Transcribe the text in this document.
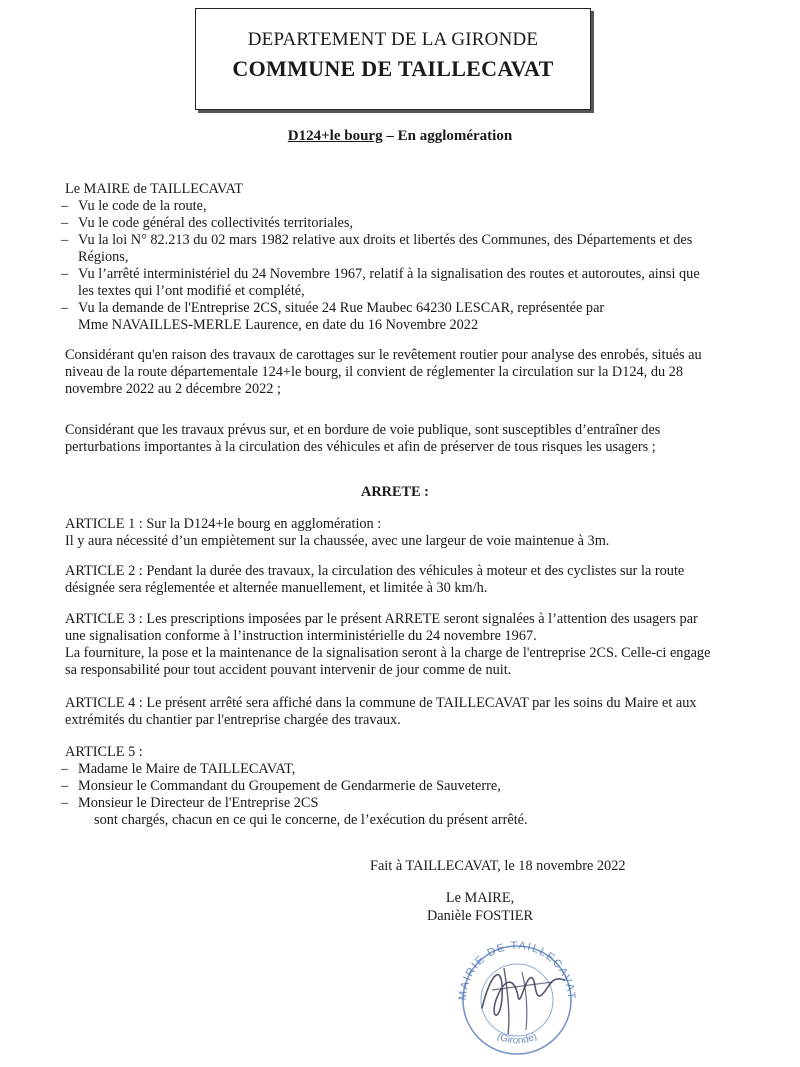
DEPARTEMENT DE LA GIRONDE
COMMUNE DE TAILLECAVAT
D124+le bourg – En agglomération

Le MAIRE de TAILLECAVAT

– Vu le code de la route,

– Vu le code général des collectivités territoriales,

– Vu la loi N° 82.213 du 02 mars 1982 relative aux droits et libertés des Communes, des Départements et des

Régions,

– Vu l’arrêté interministériel du 24 Novembre 1967, relatif à la signalisation des routes et autoroutes, ainsi que

les textes qui l’ont modifié et complété,

– Vu la demande de l'Entreprise 2CS, située 24 Rue Maubec 64230 LESCAR, représentée par

Mme NAVAILLES-MERLE Laurence, en date du 16 Novembre 2022

Considérant qu'en raison des travaux de carottages sur le revêtement routier pour analyse des enrobés, situés au

niveau de la route départementale 124+le bourg, il convient de réglementer la circulation sur la D124, du 28

novembre 2022 au 2 décembre 2022 ;

Considérant que les travaux prévus sur, et en bordure de voie publique, sont susceptibles d’entraîner des

perturbations importantes à la circulation des véhicules et afin de préserver de tous risques les usagers ;

ARRETE :

ARTICLE 1 : Sur la D124+le bourg en agglomération :

Il y aura nécessité d’un empiètement sur la chaussée, avec une largeur de voie maintenue à 3m.

ARTICLE 2 : Pendant la durée des travaux, la circulation des véhicules à moteur et des cyclistes sur la route

désignée sera réglementée et alternée manuellement, et limitée à 30 km/h.

ARTICLE 3 : Les prescriptions imposées par le présent ARRETE seront signalées à l’attention des usagers par

une signalisation conforme à l’instruction interministérielle du 24 novembre 1967.

La fourniture, la pose et la maintenance de la signalisation seront à la charge de l'entreprise 2CS. Celle-ci engage

sa responsabilité pour tout accident pouvant intervenir de jour comme de nuit.

ARTICLE 4 : Le présent arrêté sera affiché dans la commune de TAILLECAVAT par les soins du Maire et aux

extrémités du chantier par l'entreprise chargée des travaux.

ARTICLE 5 :

– Madame le Maire de TAILLECAVAT,

– Monsieur le Commandant du Groupement de Gendarmerie de Sauveterre,

– Monsieur le Directeur de l'Entreprise 2CS

sont chargés, chacun en ce qui le concerne, de l’exécution du présent arrêté.

Fait à TAILLECAVAT, le 18 novembre 2022
Le MAIRE,
Danièle FOSTIER
MAIRIE DE TAILLECAVAT
(Gironde)
